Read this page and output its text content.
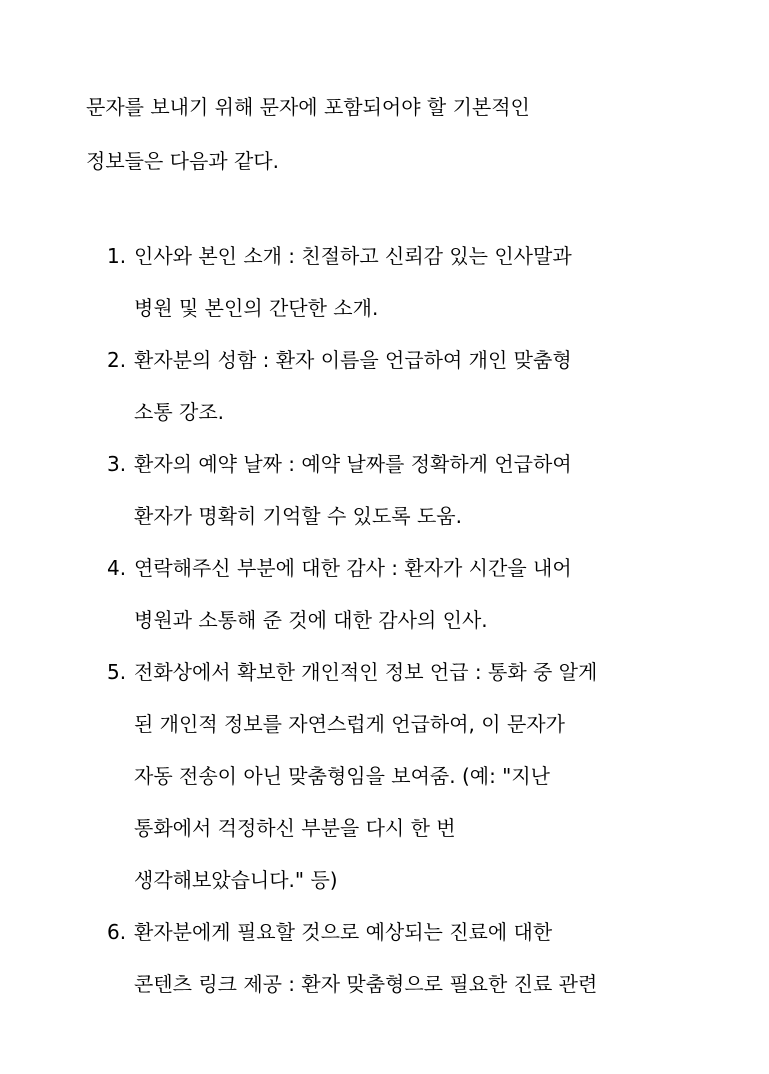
문자를 보내기 위해 문자에 포함되어야 할 기본적인
정보들은 다음과 같다.
1. 인사와 본인 소개 : 친절하고 신뢰감 있는 인사말과
병원 및 본인의 간단한 소개.
2. 환자분의 성함 : 환자 이름을 언급하여 개인 맞춤형
소통 강조.
3. 환자의 예약 날짜 : 예약 날짜를 정확하게 언급하여
환자가 명확히 기억할 수 있도록 도움.
4. 연락해주신 부분에 대한 감사 : 환자가 시간을 내어
병원과 소통해 준 것에 대한 감사의 인사.
5. 전화상에서 확보한 개인적인 정보 언급 : 통화 중 알게
된 개인적 정보를 자연스럽게 언급하여, 이 문자가
자동 전송이 아닌 맞춤형임을 보여줌. (예: "지난
통화에서 걱정하신 부분을 다시 한 번
생각해보았습니다." 등)
6. 환자분에게 필요할 것으로 예상되는 진료에 대한
콘텐츠 링크 제공 : 환자 맞춤형으로 필요한 진료 관련
